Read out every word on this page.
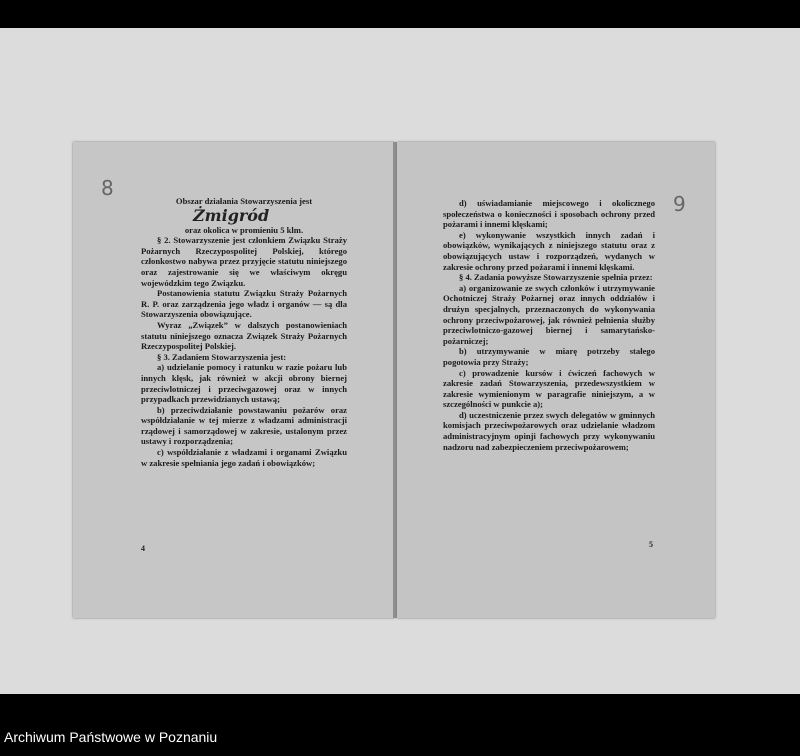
8

Obszar działania Stowarzyszenia jest

Żmigród

oraz okolica w promieniu 5 klm.

§ 2. Stowarzyszenie jest członkiem Związku Straży Pożarnych Rzeczypospolitej Polskiej, którego członkostwo nabywa przez przyjęcie statutu niniejszego oraz zajestrowanie się we właściwym okręgu wojewódzkim tego Związku.

Postanowienia statutu Związku Straży Pożarnych R. P. oraz zarządzenia jego władz i organów — są dla Stowarzyszenia obowiązujące.

Wyraz „Związek” w dalszych postanowieniach statutu niniejszego oznacza Związek Straży Pożarnych Rzeczypospolitej Polskiej.

§ 3. Zadaniem Stowarzyszenia jest:

a) udzielanie pomocy i ratunku w razie pożaru lub innych klęsk, jak również w akcji obrony biernej przeciwlotniczej i przeciwgazowej oraz w innych przypadkach przewidzianych ustawą;

b) przeciwdziałanie powstawaniu pożarów oraz współdziałanie w tej mierze z władzami administracji rządowej i samorządowej w zakresie, ustalonym przez ustawy i rozporządzenia;

c) współdziałanie z władzami i organami Związku w zakresie spełniania jego zadań i obowiązków;

4
9

d) uświadamianie miejscowego i okolicznego społeczeństwa o konieczności i sposobach ochrony przed pożarami i innemi klęskami;

e) wykonywanie wszystkich innych zadań i obowiązków, wynikających z niniejszego statutu oraz z obowiązujących ustaw i rozporządzeń, wydanych w zakresie ochrony przed pożarami i innemi klęskami.

§ 4. Zadania powyższe Stowarzyszenie spełnia przez:

a) organizowanie ze swych członków i utrzymywanie Ochotniczej Straży Pożarnej oraz innych oddziałów i drużyn specjalnych, przeznaczonych do wykonywania ochrony przeciwpożarowej, jak również pełnienia służby przeciwlotniczo-gazowej biernej i samarytańsko-pożarniczej;

b) utrzymywanie w miarę potrzeby stałego pogotowia przy Straży;

c) prowadzenie kursów i ćwiczeń fachowych w zakresie zadań Stowarzyszenia, przedewszystkiem w zakresie wymienionym w paragrafie niniejszym, a w szczególności w punkcie a);

d) uczestniczenie przez swych delegatów w gminnych komisjach przeciwpożarowych oraz udzielanie władzom administracyjnym opinji fachowych przy wykonywaniu nadzoru nad zabezpieczeniem przeciwpożarowem;

5
Archiwum Państwowe w Poznaniu
